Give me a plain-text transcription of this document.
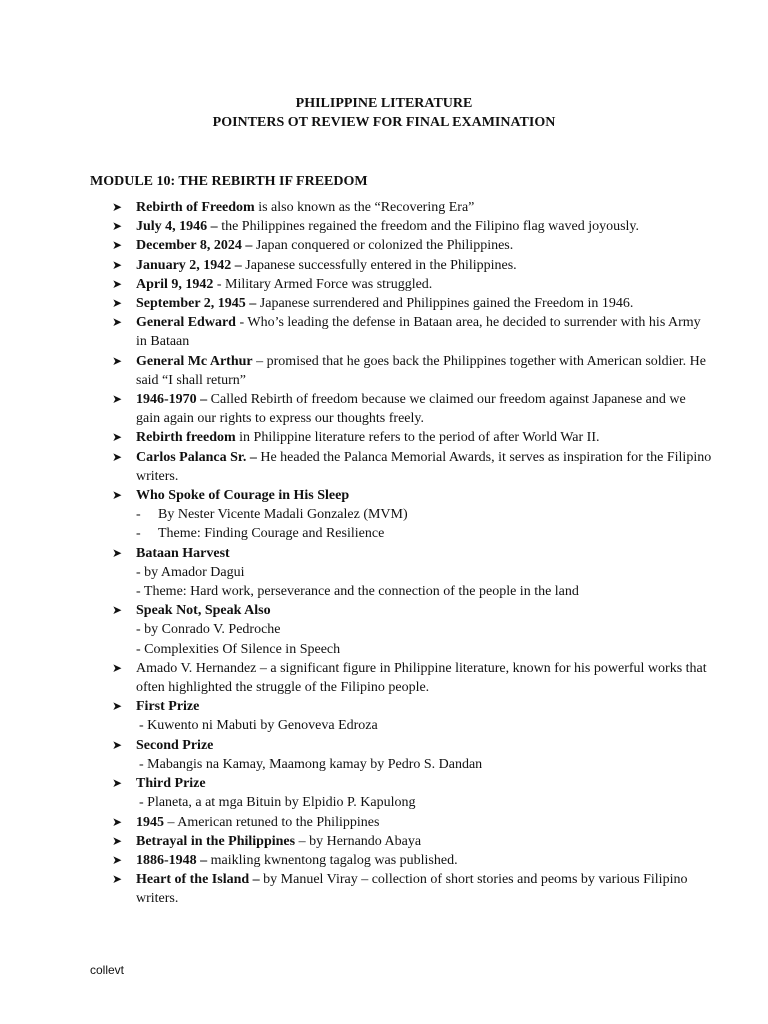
PHILIPPINE LITERATURE
POINTERS OT REVIEW FOR FINAL EXAMINATION
MODULE 10: THE REBIRTH IF FREEDOM
➤ Rebirth of Freedom is also known as the “Recovering Era”
➤ July 4, 1946 – the Philippines regained the freedom and the Filipino flag waved joyously.
➤ December 8, 2024 – Japan conquered or colonized the Philippines.
➤ January 2, 1942 – Japanese successfully entered in the Philippines.
➤ April 9, 1942 - Military Armed Force was struggled.
➤ September 2, 1945 – Japanese surrendered and Philippines gained the Freedom in 1946.
➤ General Edward - Who’s leading the defense in Bataan area, he decided to surrender with his Army in Bataan
➤ General Mc Arthur – promised that he goes back the Philippines together with American soldier. He said “I shall return”
➤ 1946-1970 – Called Rebirth of freedom because we claimed our freedom against Japanese and we gain again our rights to express our thoughts freely.
➤ Rebirth freedom in Philippine literature refers to the period of after World War II.
➤ Carlos Palanca Sr. – He headed the Palanca Memorial Awards, it serves as inspiration for the Filipino writers.
➤ Who Spoke of Courage in His Sleep
- By Nester Vicente Madali Gonzalez (MVM)
- Theme: Finding Courage and Resilience
➤ Bataan Harvest
- by Amador Dagui
- Theme: Hard work, perseverance and the connection of the people in the land
➤ Speak Not, Speak Also
- by Conrado V. Pedroche
- Complexities Of Silence in Speech
➤ Amado V. Hernandez – a significant figure in Philippine literature, known for his powerful works that often highlighted the struggle of the Filipino people.
➤ First Prize
- Kuwento ni Mabuti by Genoveva Edroza
➤ Second Prize
- Mabangis na Kamay, Maamong kamay by Pedro S. Dandan
➤ Third Prize
- Planeta, a at mga Bituin by Elpidio P. Kapulong
➤ 1945 – American retuned to the Philippines
➤ Betrayal in the Philippines – by Hernando Abaya
➤ 1886-1948 – maikling kwnentong tagalog was published.
➤ Heart of the Island – by Manuel Viray – collection of short stories and peoms by various Filipino writers.
collevt
